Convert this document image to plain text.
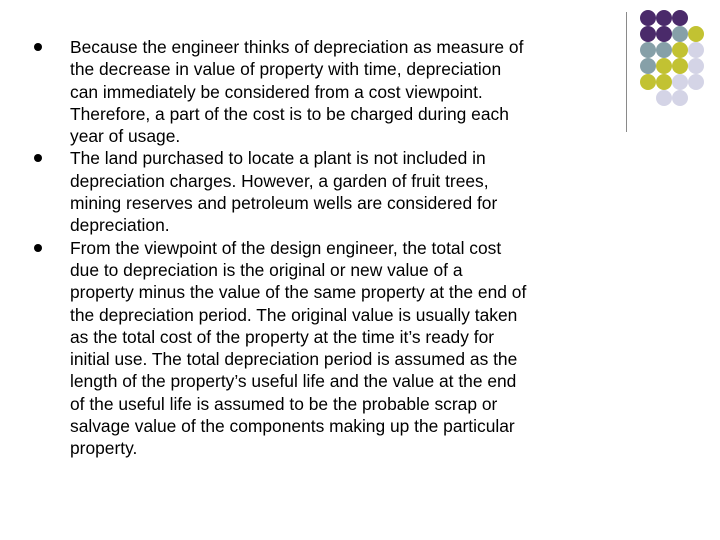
Because the engineer thinks of depreciation as measure of
the decrease in value of property with time, depreciation
can immediately be considered from a cost viewpoint.
Therefore, a part of the cost is to be charged during each
year of usage.
The land purchased to locate a plant is not included in
depreciation charges. However, a garden of fruit trees,
mining reserves and petroleum wells are considered for
depreciation.
From the viewpoint of the design engineer, the total cost
due to depreciation is the original or new value of a
property minus the value of the same property at the end of
the depreciation period. The original value is usually taken
as the total cost of the property at the time it’s ready for
initial use. The total depreciation period is assumed as the
length of the property’s useful life and the value at the end
of the useful life is assumed to be the probable scrap or
salvage value of the components making up the particular
property.
